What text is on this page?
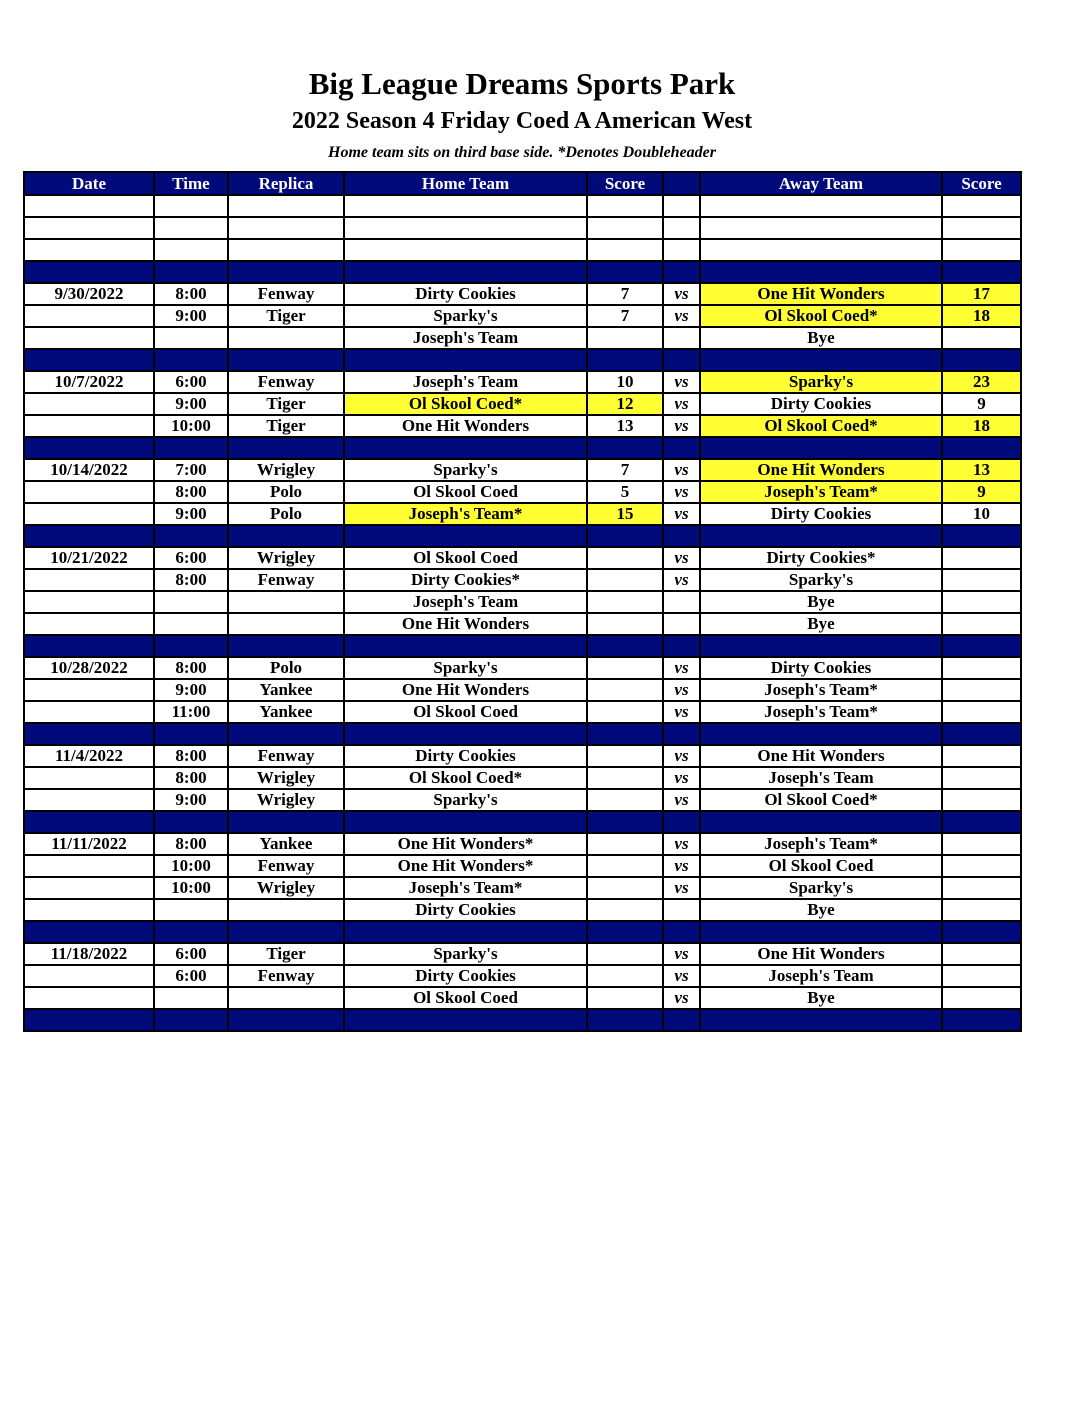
Big League Dreams Sports Park
2022 Season 4 Friday Coed A American West
Home team sits on third base side. *Denotes Doubleheader
Date	Time	Replica	Home Team	Score		Away Team	Score

9/30/2022	8:00	Fenway	Dirty Cookies	7	vs	One Hit Wonders	17
	9:00	Tiger	Sparky's	7	vs	Ol Skool Coed*	18
			Joseph's Team			Bye	

10/7/2022	6:00	Fenway	Joseph's Team	10	vs	Sparky's	23
	9:00	Tiger	Ol Skool Coed*	12	vs	Dirty Cookies	9
	10:00	Tiger	One Hit Wonders	13	vs	Ol Skool Coed*	18

10/14/2022	7:00	Wrigley	Sparky's	7	vs	One Hit Wonders	13
	8:00	Polo	Ol Skool Coed	5	vs	Joseph's Team*	9
	9:00	Polo	Joseph's Team*	15	vs	Dirty Cookies	10

10/21/2022	6:00	Wrigley	Ol Skool Coed		vs	Dirty Cookies*	
	8:00	Fenway	Dirty Cookies*		vs	Sparky's	
			Joseph's Team			Bye	
			One Hit Wonders			Bye	

10/28/2022	8:00	Polo	Sparky's		vs	Dirty Cookies	
	9:00	Yankee	One Hit Wonders		vs	Joseph's Team*	
	11:00	Yankee	Ol Skool Coed		vs	Joseph's Team*	

11/4/2022	8:00	Fenway	Dirty Cookies		vs	One Hit Wonders	
	8:00	Wrigley	Ol Skool Coed*		vs	Joseph's Team	
	9:00	Wrigley	Sparky's		vs	Ol Skool Coed*	

11/11/2022	8:00	Yankee	One Hit Wonders*		vs	Joseph's Team*	
	10:00	Fenway	One Hit Wonders*		vs	Ol Skool Coed	
	10:00	Wrigley	Joseph's Team*		vs	Sparky's	
			Dirty Cookies			Bye	

11/18/2022	6:00	Tiger	Sparky's		vs	One Hit Wonders	
	6:00	Fenway	Dirty Cookies		vs	Joseph's Team	
			Ol Skool Coed		vs	Bye	
